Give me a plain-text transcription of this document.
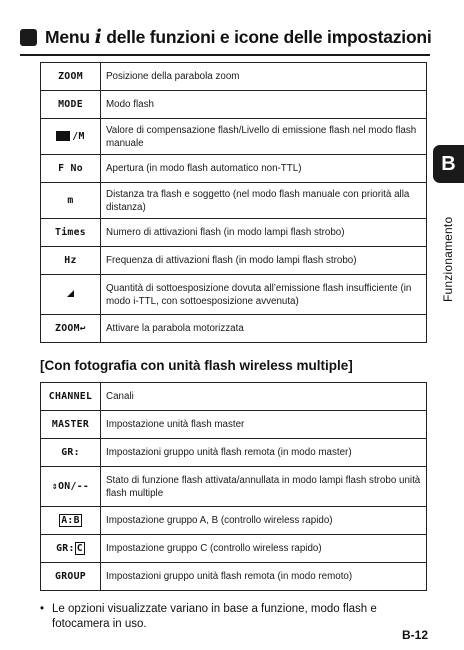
Menu i delle funzioni e icone delle impostazioni
B
Funzionamento
ZOOM	Posizione della parabola zoom
MODE	Modo flash
/M	Valore di compensazione flash/Livello di emissione flash nel modo flash manuale
F No	Apertura (in modo flash automatico non-TTL)
m	Distanza tra flash e soggetto (nel modo flash manuale con priorità alla distanza)
Times	Numero di attivazioni flash (in modo lampi flash strobo)
Hz	Frequenza di attivazioni flash (in modo lampi flash strobo)
	Quantità di sottoesposizione dovuta all’emissione flash insufficiente (in modo i-TTL, con sottoesposizione avvenuta)
ZOOM↩	Attivare la parabola motorizzata
[Con fotografia con unità flash wireless multiple]
CHANNEL	Canali
MASTER	Impostazione unità flash master
GR:	Impostazioni gruppo unità flash remota (in modo master)
⇕ON/--	Stato di funzione flash attivata/annullata in modo lampi flash strobo unità flash multiple
A:B	Impostazione gruppo A, B (controllo wireless rapido)
GR: C	Impostazione gruppo C (controllo wireless rapido)
GROUP	Impostazioni gruppo unità flash remota (in modo remoto)
• Le opzioni visualizzate variano in base a funzione, modo flash e fotocamera in uso.
B-12
